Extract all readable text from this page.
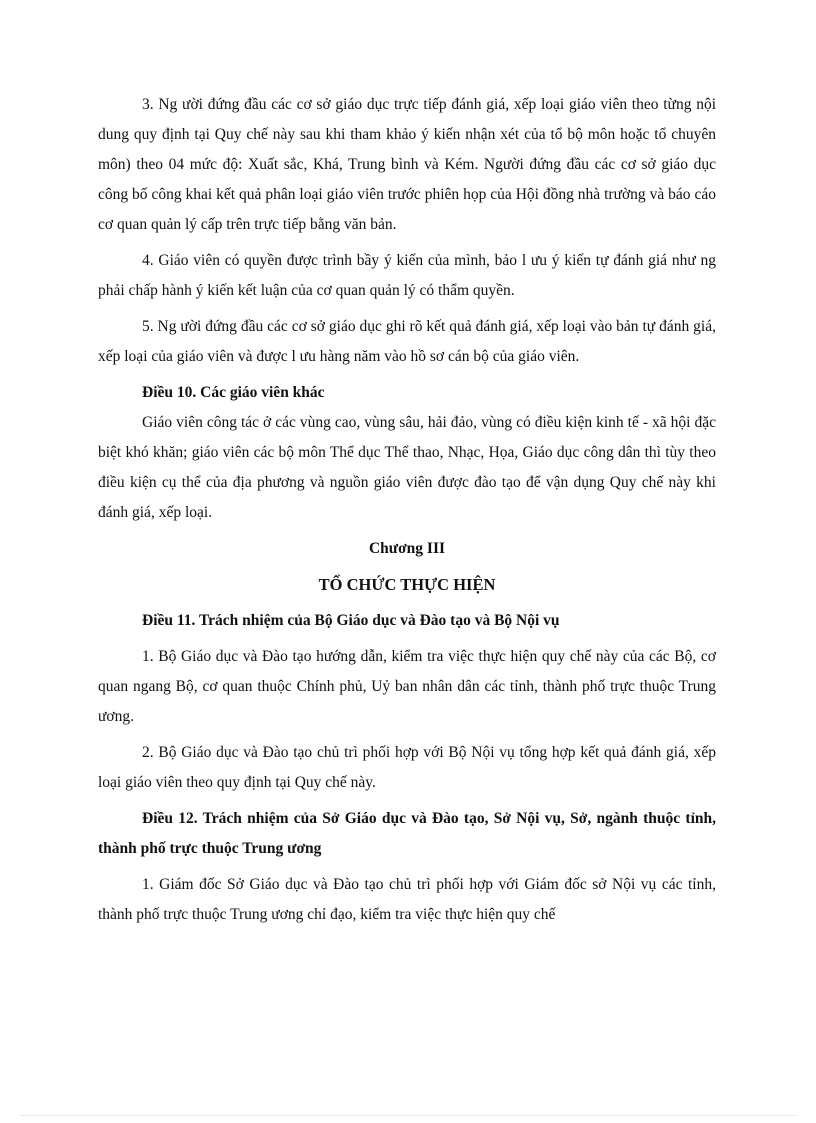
3. Ng ười đứng đầu các cơ sở giáo dục trực tiếp đánh giá, xếp loại giáo viên theo từng nội dung quy định tại Quy chế này sau khi tham khảo ý kiến nhận xét của tổ bộ môn hoặc tổ chuyên môn) theo 04 mức độ: Xuất sắc, Khá, Trung bình và Kém. Người đứng đầu các cơ sở giáo dục công bố công khai kết quả phân loại giáo viên trước phiên họp của Hội đồng nhà trường và báo cáo cơ quan quản lý cấp trên trực tiếp bằng văn bản.

4. Giáo viên có quyền được trình bầy ý kiến của mình, bảo l ưu ý kiến tự đánh giá như ng phải chấp hành ý kiến kết luận của cơ quan quản lý có thẩm quyền.

5. Ng ười đứng đầu các cơ sở giáo dục ghi rõ kết quả đánh giá, xếp loại vào bản tự đánh giá, xếp loại của giáo viên và được l ưu hàng năm vào hồ sơ cán bộ của giáo viên.

Điều 10. Các giáo viên khác

Giáo viên công tác ở các vùng cao, vùng sâu, hải đảo, vùng có điều kiện kinh tế - xã hội đặc biệt khó khăn; giáo viên các bộ môn Thể dục Thể thao, Nhạc, Họa, Giáo dục công dân thì tùy theo điều kiện cụ thể của địa phương và nguồn giáo viên được đào tạo để vận dụng Quy chế này khi đánh giá, xếp loại.

Chương III

TỔ CHỨC THỰC HIỆN

Điều 11. Trách nhiệm của Bộ Giáo dục và Đào tạo và Bộ Nội vụ

1. Bộ Giáo dục và Đào tạo hướng dẫn, kiểm tra việc thực hiện quy chế này của các Bộ, cơ quan ngang Bộ, cơ quan thuộc Chính phủ, Uỷ ban nhân dân các tỉnh, thành phố trực thuộc Trung ương.

2. Bộ Giáo dục và Đào tạo chủ trì phối hợp với Bộ Nội vụ tổng hợp kết quả đánh giá, xếp loại giáo viên theo quy định tại Quy chế này.

Điều 12. Trách nhiệm của Sở Giáo dục và Đào tạo, Sở Nội vụ, Sở, ngành thuộc tỉnh, thành phố trực thuộc Trung ương

1. Giám đốc Sở Giáo dục và Đào tạo chủ trì phối hợp với Giám đốc sở Nội vụ các tỉnh, thành phố trực thuộc Trung ương chỉ đạo, kiểm tra việc thực hiện quy chế
